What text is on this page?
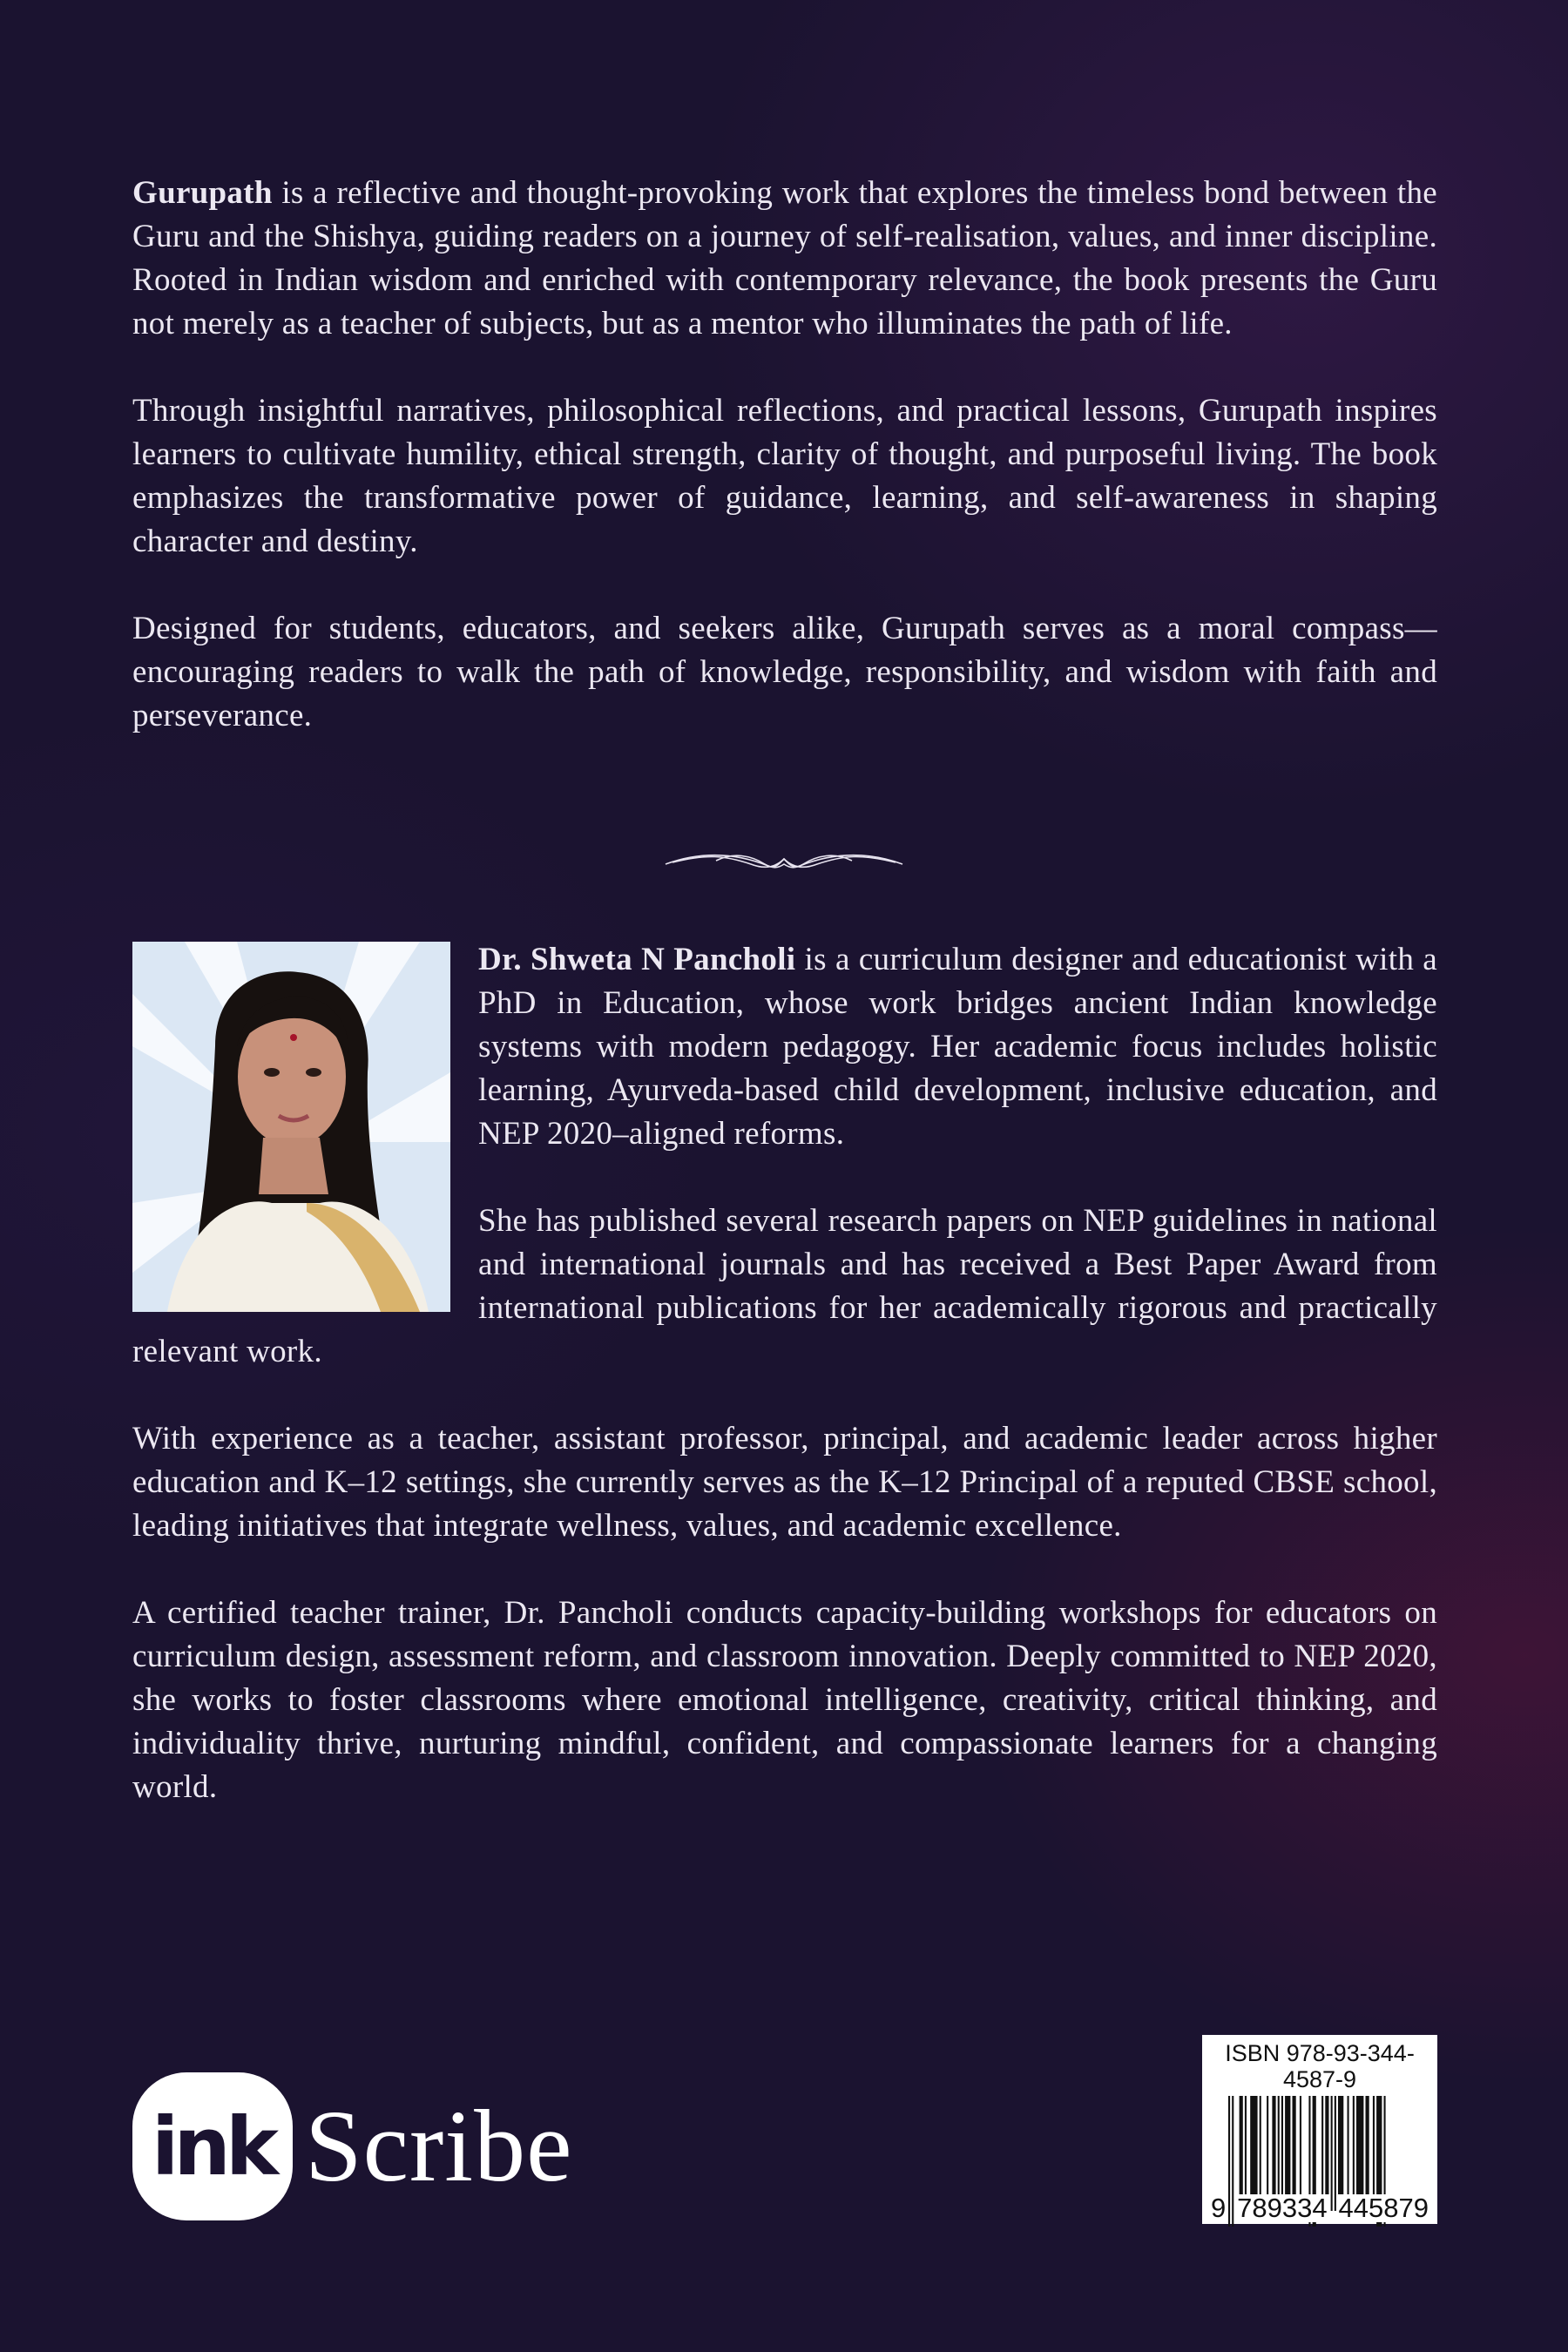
Gurupath is a reflective and thought-provoking work that explores the timeless bond between the Guru and the Shishya, guiding readers on a journey of self-realisation, values, and inner discipline. Rooted in Indian wisdom and enriched with contemporary relevance, the book presents the Guru not merely as a teacher of subjects, but as a mentor who illuminates the path of life.

Through insightful narratives, philosophical reflections, and practical lessons, Gurupath inspires learners to cultivate humility, ethical strength, clarity of thought, and purposeful living. The book emphasizes the transformative power of guidance, learning, and self-awareness in shaping character and destiny.

Designed for students, educators, and seekers alike, Gurupath serves as a moral compass—encouraging readers to walk the path of knowledge, responsibility, and wisdom with faith and perseverance.

Dr. Shweta N Pancholi is a curriculum designer and educationist with a PhD in Education, whose work bridges ancient Indian knowledge systems with modern pedagogy. Her academic focus includes holistic learning, Ayurveda-based child development, inclusive education, and NEP 2020–aligned reforms.

She has published several research papers on NEP guidelines in national and international journals and has received a Best Paper Award from international publications for her academically rigorous and practically relevant work.

With experience as a teacher, assistant professor, principal, and academic leader across higher education and K–12 settings, she currently serves as the K–12 Principal of a reputed CBSE school, leading initiatives that integrate wellness, values, and academic excellence.

A certified teacher trainer, Dr. Pancholi conducts capacity-building workshops for educators on curriculum design, assessment reform, and classroom innovation. Deeply committed to NEP 2020, she works to foster classrooms where emotional intelligence, creativity, critical thinking, and individuality thrive, nurturing mindful, confident, and compassionate learners for a changing world.

ink Scribe
ISBN 978-93-344-4587-9
9 789334 445879
